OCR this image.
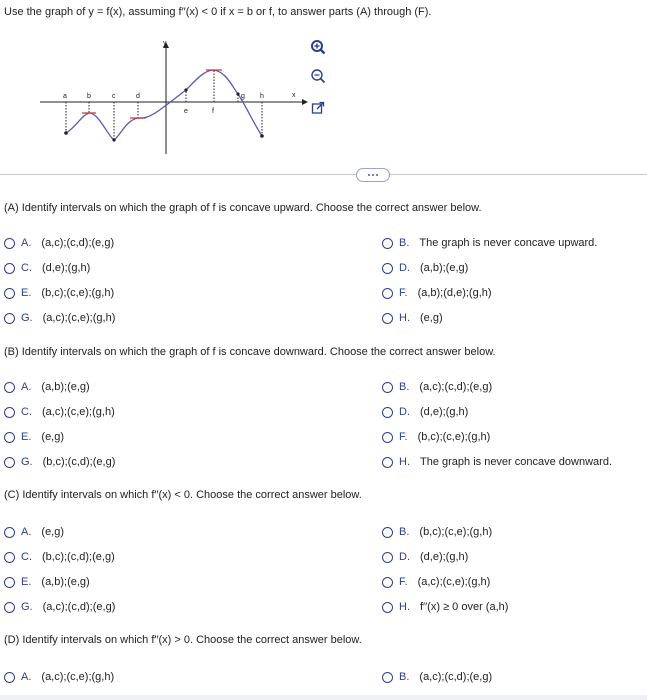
Use the graph of y = f(x), assuming f′′(x) < 0 if x = b or f, to answer parts (A) through (F).
y
x
a	b	c	d
e	f
g h
(A) Identify intervals on which the graph of f is concave upward. Choose the correct answer below.
A. (a,c);(c,d);(e,g)	B. The graph is never concave upward.
C. (d,e);(g,h)	D. (a,b);(e,g)
E. (b,c);(c,e);(g,h)	F. (a,b);(d,e);(g,h)
G. (a,c);(c,e);(g,h)	H. (e,g)
(B) Identify intervals on which the graph of f is concave downward. Choose the correct answer below.
A. (a,b);(e,g)	B. (a,c);(c,d);(e,g)
C. (a,c);(c,e);(g,h)	D. (d,e);(g,h)
E. (e,g)	F. (b,c);(c,e);(g,h)
G. (b,c);(c,d);(e,g)	H. The graph is never concave downward.
(C) Identify intervals on which f′′(x) < 0. Choose the correct answer below.
A. (e,g)	B. (b,c);(c,e);(g,h)
C. (b,c);(c,d);(e,g)	D. (d,e);(g,h)
E. (a,b);(e,g)	F. (a,c);(c,e);(g,h)
G. (a,c);(c,d);(e,g)	H. f′′(x) ≥ 0 over (a,h)
(D) Identify intervals on which f′′(x) > 0. Choose the correct answer below.
A. (a,c);(c,e);(g,h)	B. (a,c);(c,d);(e,g)
